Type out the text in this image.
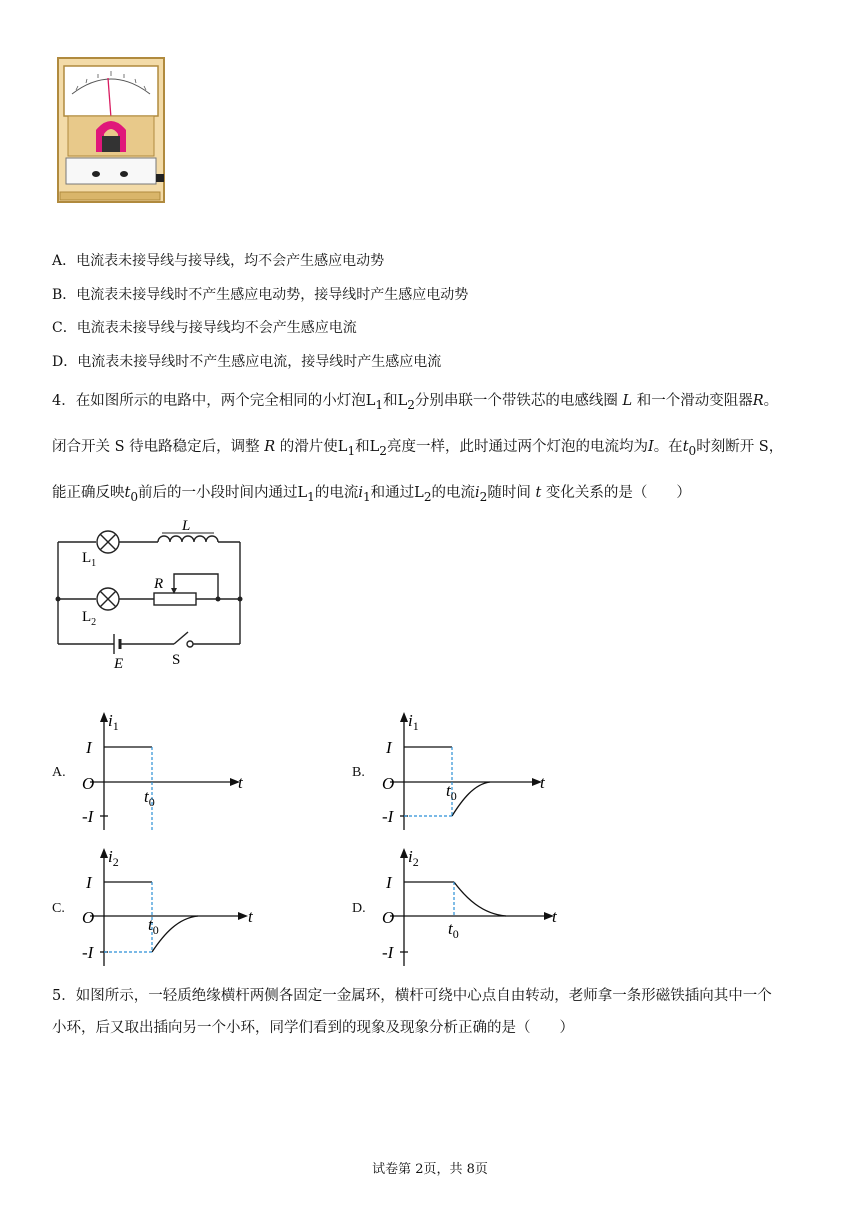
A．电流表未接导线与接导线，均不会产生感应电动势
B．电流表未接导线时不产生感应电动势，接导线时产生感应电动势
C．电流表未接导线与接导线均不会产生感应电流
D．电流表未接导线时不产生感应电流，接导线时产生感应电流
4．在如图所示的电路中，两个完全相同的小灯泡$L_1$和$L_2$分别串联一个带铁芯的电感线圈 L 和一个滑动变阻器R。
闭合开关 S 待电路稳定后，调整 R 的滑片使$L_1$和$L_2$亮度一样，此时通过两个灯泡的电流均为I。在$t_0$时刻断开 S，
能正确反映$t_0$前后的一小段时间内通过$L_1$的电流$i_1$和通过$L_2$的电流$i_2$随时间 t 变化关系的是（　　）
L
$L_1$
R
$L_2$
E	S
A.
$i_1$
I
O
-I
t
$t_0$
B.
$i_1$
I
O
-I
t
$t_0$
C.
$i_2$
I
O
-I
t
$t_0$
D.
$i_2$
I
O
-I
t
$t_0$
5．如图所示，一轻质绝缘横杆两侧各固定一金属环，横杆可绕中心点自由转动，老师拿一条形磁铁插向其中一个
小环，后又取出插向另一个小环，同学们看到的现象及现象分析正确的是（　　）
试卷第 2页，共 8页
